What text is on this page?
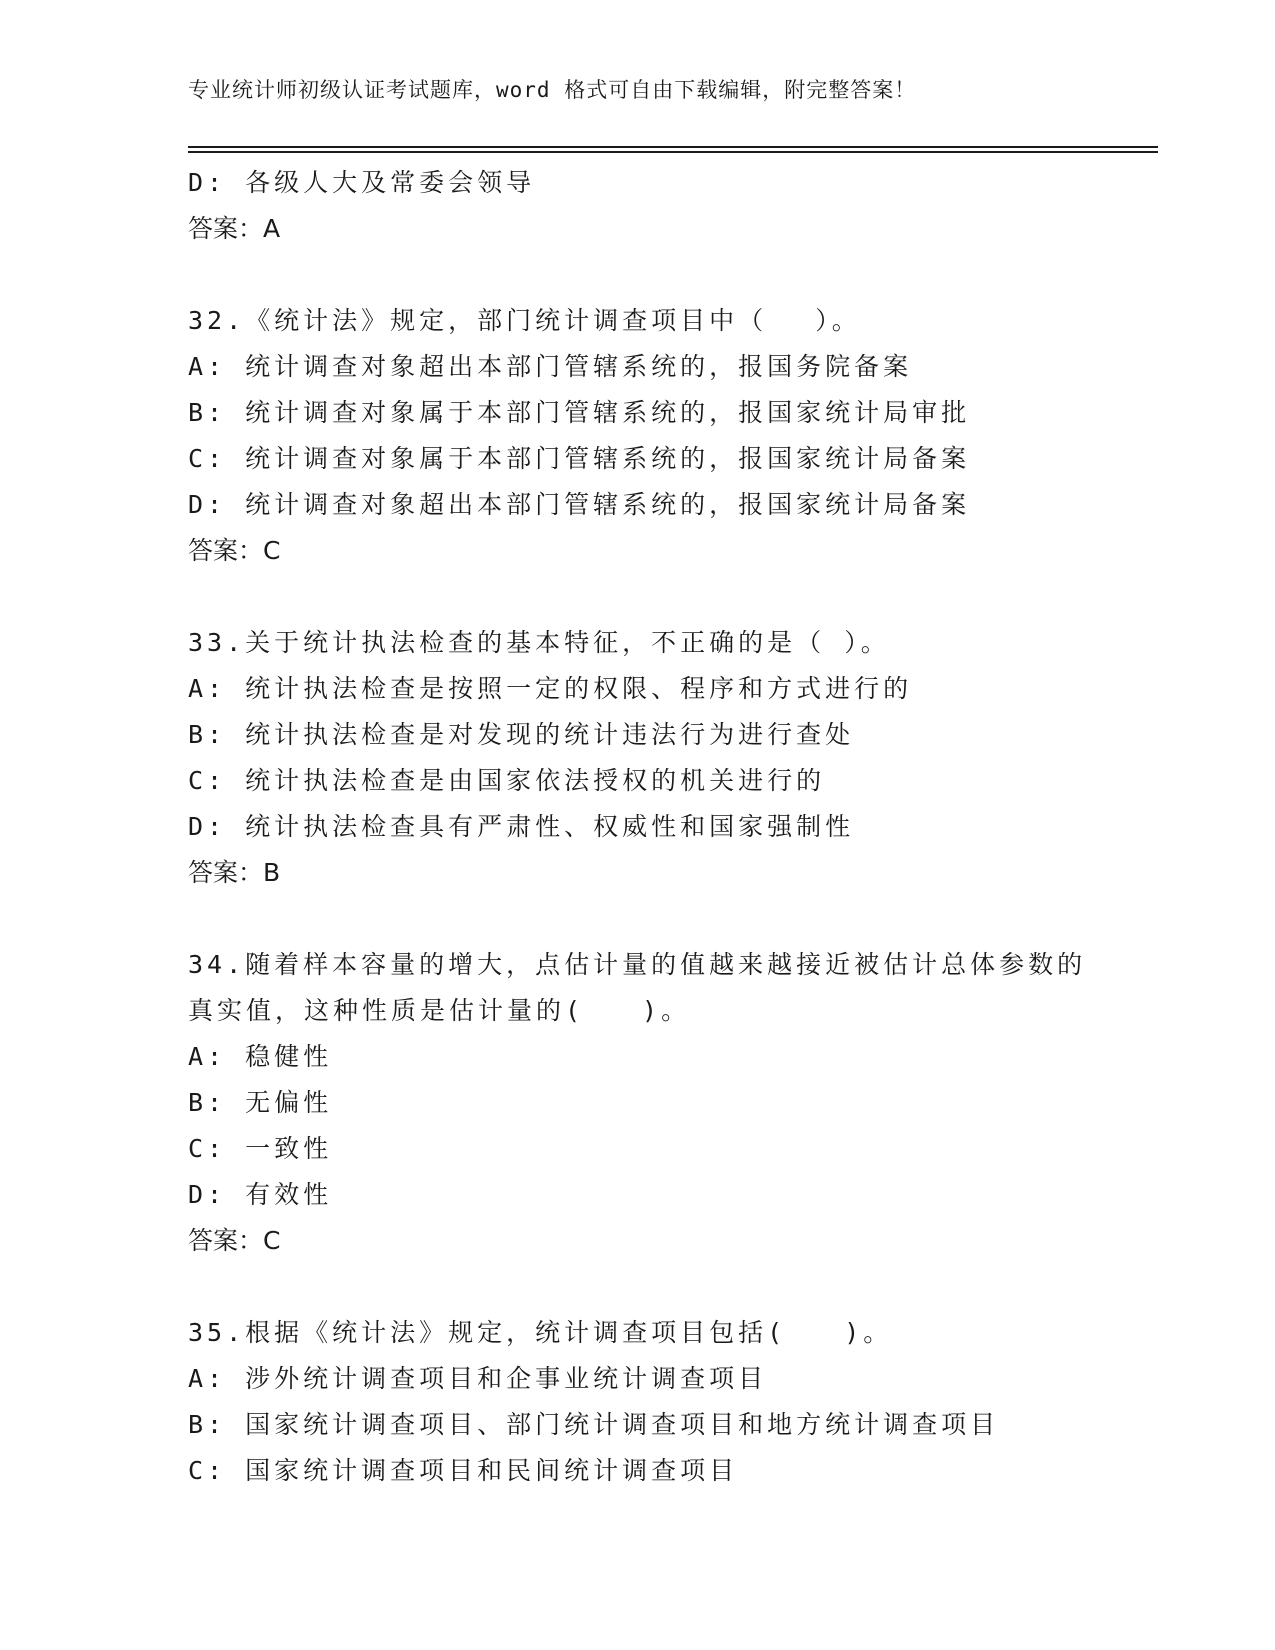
专业统计师初级认证考试题库，word 格式可自由下载编辑，附完整答案！
D: 各级人大及常委会领导
答案：A
32.《统计法》规定，部门统计调查项目中（　 ）。
A: 统计调查对象超出本部门管辖系统的，报国务院备案
B: 统计调查对象属于本部门管辖系统的，报国家统计局审批
C: 统计调查对象属于本部门管辖系统的，报国家统计局备案
D: 统计调查对象超出本部门管辖系统的，报国家统计局备案
答案：C
33.关于统计执法检查的基本特征，不正确的是（ ）。
A: 统计执法检查是按照一定的权限、程序和方式进行的
B: 统计执法检查是对发现的统计违法行为进行查处
C: 统计执法检查是由国家依法授权的机关进行的
D: 统计执法检查具有严肃性、权威性和国家强制性
答案：B
34.随着样本容量的增大，点估计量的值越来越接近被估计总体参数的
真实值，这种性质是估计量的(　　)。
A: 稳健性
B: 无偏性
C: 一致性
D: 有效性
答案：C
35.根据《统计法》规定，统计调查项目包括(　　)。
A: 涉外统计调查项目和企事业统计调查项目
B: 国家统计调查项目、部门统计调查项目和地方统计调查项目
C: 国家统计调查项目和民间统计调查项目
